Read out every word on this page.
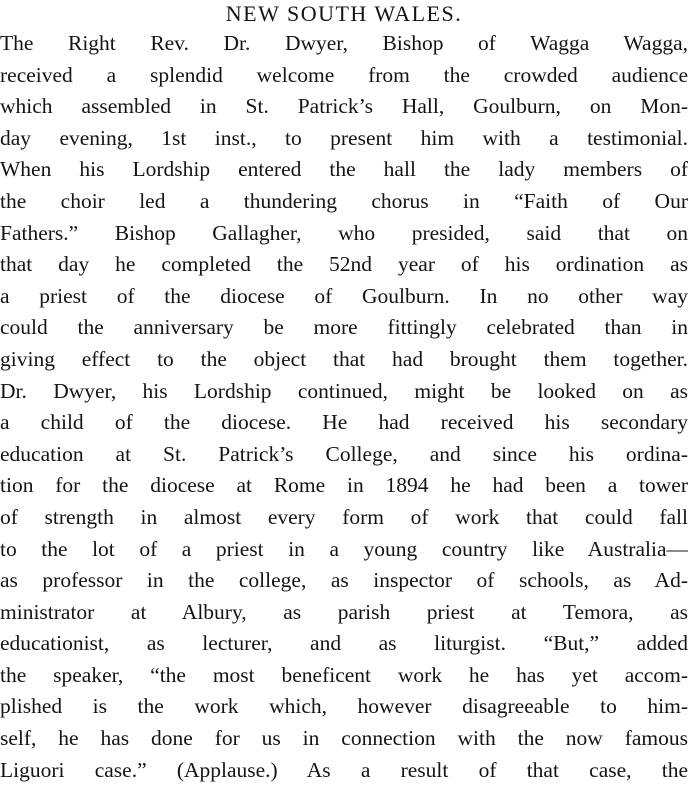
NEW SOUTH WALES.
The Right Rev. Dr. Dwyer, Bishop of Wagga Wagga,
received a splendid welcome from the crowded audience
which assembled in St. Patrick’s Hall, Goulburn, on Mon-
day evening, 1st inst., to present him with a testimonial.
When his Lordship entered the hall the lady members of
the choir led a thundering chorus in “Faith of Our
Fathers.” Bishop Gallagher, who presided, said that on
that day he completed the 52nd year of his ordination as
a priest of the diocese of Goulburn. In no other way
could the anniversary be more fittingly celebrated than in
giving effect to the object that had brought them together.
Dr. Dwyer, his Lordship continued, might be looked on as
a child of the diocese. He had received his secondary
education at St. Patrick’s College, and since his ordina-
tion for the diocese at Rome in 1894 he had been a tower
of strength in almost every form of work that could fall
to the lot of a priest in a young country like Australia—
as professor in the college, as inspector of schools, as Ad-
ministrator at Albury, as parish priest at Temora, as
educationist, as lecturer, and as liturgist. “But,” added
the speaker, “the most beneficent work he has yet accom-
plished is the work which, however disagreeable to him-
self, he has done for us in connection with the now famous
Liguori case.” (Applause.) As a result of that case, the
